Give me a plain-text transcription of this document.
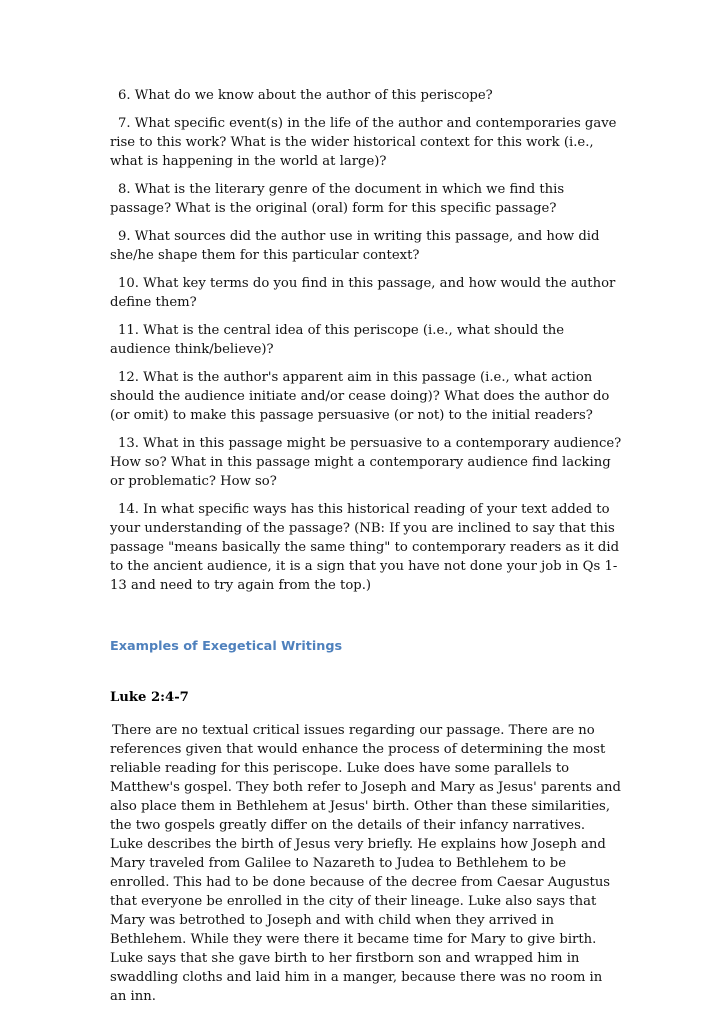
6. What do we know about the author of this periscope?

7. What specific event(s) in the life of the author and contemporaries gave rise to this work? What is the wider historical context for this work (i.e., what is happening in the world at large)?

8. What is the literary genre of the document in which we find this passage? What is the original (oral) form for this specific passage?

9. What sources did the author use in writing this passage, and how did she/he shape them for this particular context?

10. What key terms do you find in this passage, and how would the author define them?

11. What is the central idea of this periscope (i.e., what should the audience think/believe)?

12. What is the author's apparent aim in this passage (i.e., what action should the audience initiate and/or cease doing)? What does the author do (or omit) to make this passage persuasive (or not) to the initial readers?

13. What in this passage might be persuasive to a contemporary audience? How so? What in this passage might a contemporary audience find lacking or problematic? How so?

14. In what specific ways has this historical reading of your text added to your understanding of the passage? (NB: If you are inclined to say that this passage "means basically the same thing" to contemporary readers as it did to the ancient audience, it is a sign that you have not done your job in Qs 1-13 and need to try again from the top.)

Examples of Exegetical Writings
Luke 2:4-7

There are no textual critical issues regarding our passage. There are no references given that would enhance the process of determining the most reliable reading for this periscope. Luke does have some parallels to Matthew's gospel. They both refer to Joseph and Mary as Jesus' parents and also place them in Bethlehem at Jesus' birth. Other than these similarities, the two gospels greatly differ on the details of their infancy narratives. Luke describes the birth of Jesus very briefly. He explains how Joseph and Mary traveled from Galilee to Nazareth to Judea to Bethlehem to be enrolled. This had to be done because of the decree from Caesar Augustus that everyone be enrolled in the city of their lineage. Luke also says that Mary was betrothed to Joseph and with child when they arrived in Bethlehem. While they were there it became time for Mary to give birth. Luke says that she gave birth to her firstborn son and wrapped him in swaddling cloths and laid him in a manger, because there was no room in an inn.
